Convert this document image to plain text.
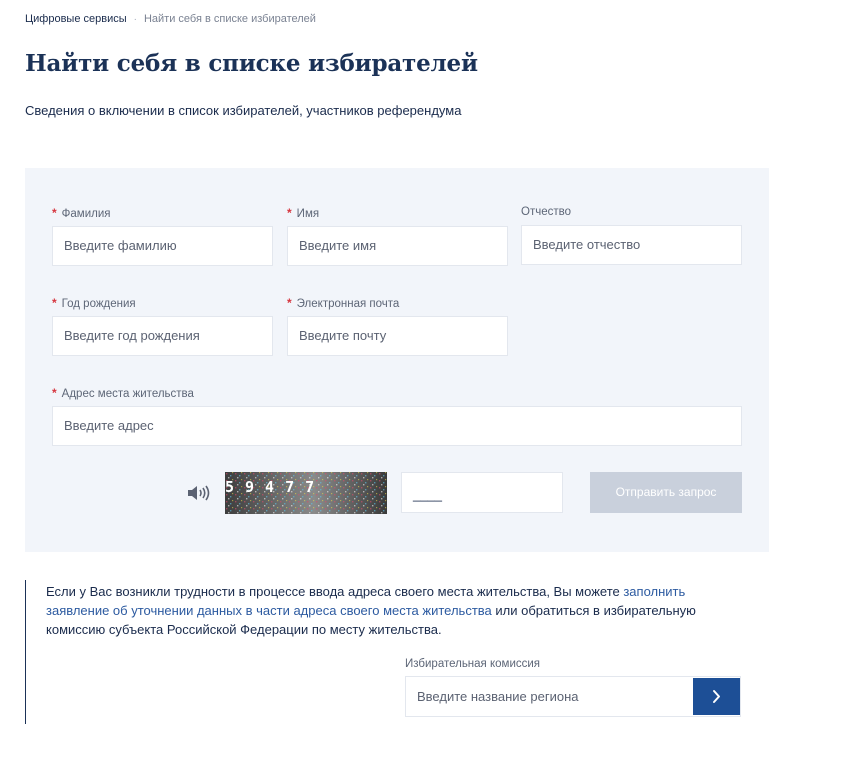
Цифровые сервисы · Найти себя в списке избирателей
Найти себя в списке избирателей

Сведения о включении в список избирателей, участников референдума

* Фамилия
Введите фамилию
* Имя
Введите имя
Отчество
Введите отчество
* Год рождения
Введите год рождения
* Электронная почта
Введите почту
* Адрес места жительства
Введите адрес
59477	____	Отправить запрос

Если у Вас возникли трудности в процессе ввода адреса своего места жительства, Вы можете заполнить заявление об уточнении данных в части адреса своего места жительства или обратиться в избирательную комиссию субъекта Российской Федерации по месту жительства.

Избирательная комиссия
Введите название региона
